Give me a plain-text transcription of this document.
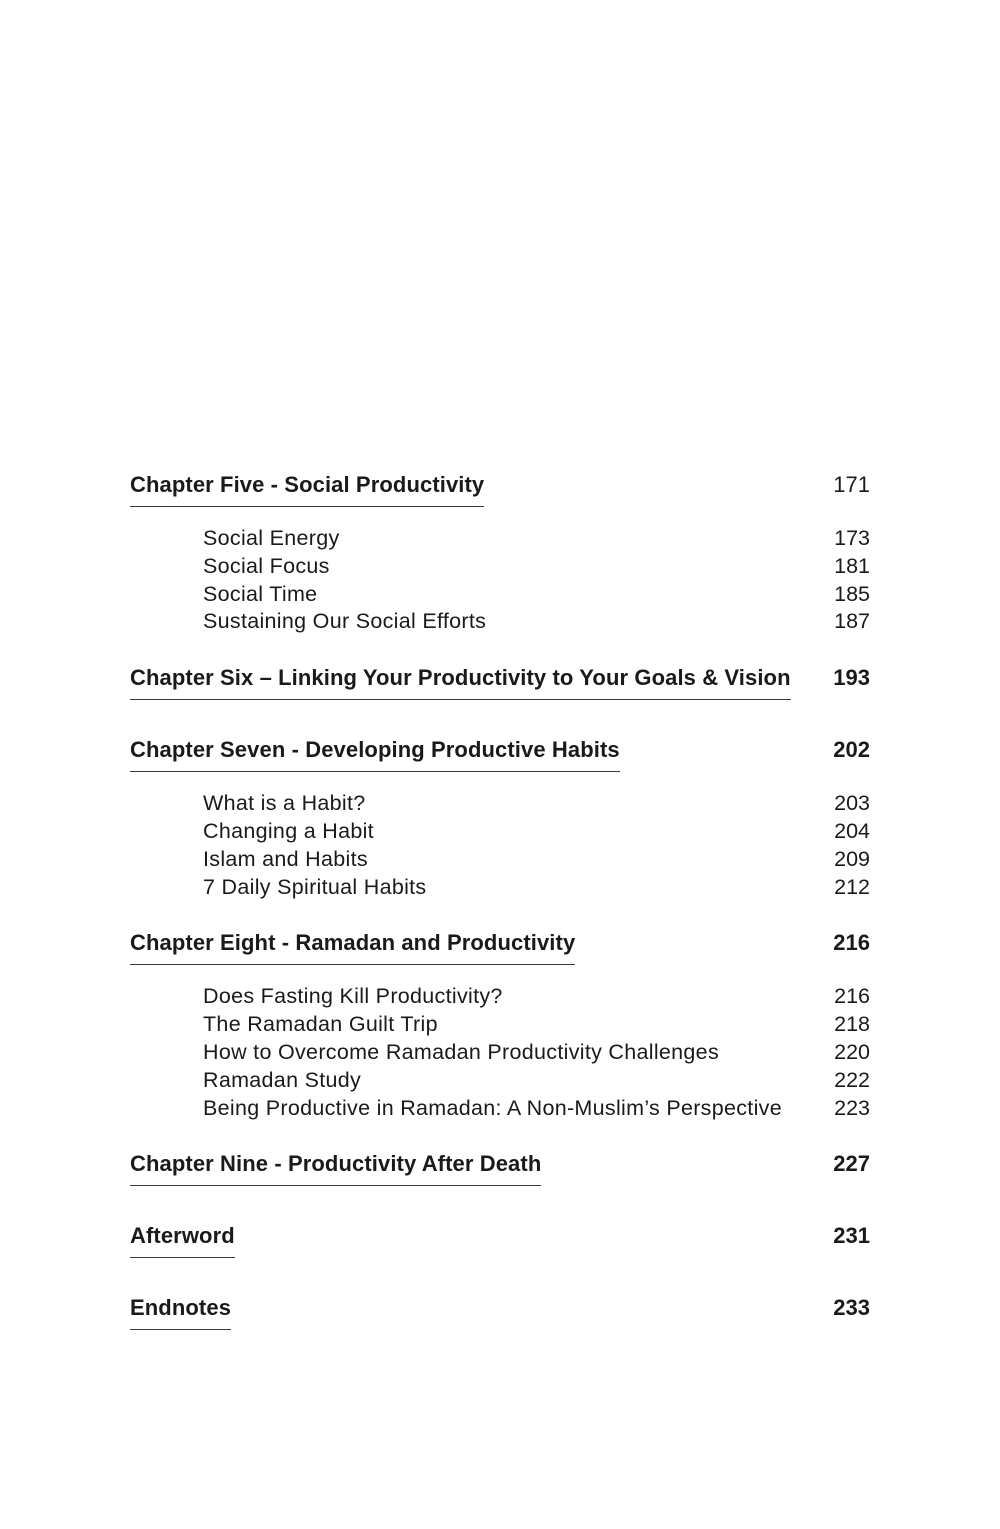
Chapter Five - Social Productivity	171
Social Energy	173
Social Focus	181
Social Time	185
Sustaining Our Social Efforts	187
Chapter Six – Linking Your Productivity to Your Goals & Vision 193
Chapter Seven - Developing Productive Habits	202
What is a Habit?	203
Changing a Habit	204
Islam and Habits	209
7 Daily Spiritual Habits	212
Chapter Eight - Ramadan and Productivity	216
Does Fasting Kill Productivity?	216
The Ramadan Guilt Trip	218
How to Overcome Ramadan Productivity Challenges	220
Ramadan Study	222
Being Productive in Ramadan: A Non-Muslim’s Perspective 223
Chapter Nine - Productivity After Death	227
Afterword	231
Endnotes	233
